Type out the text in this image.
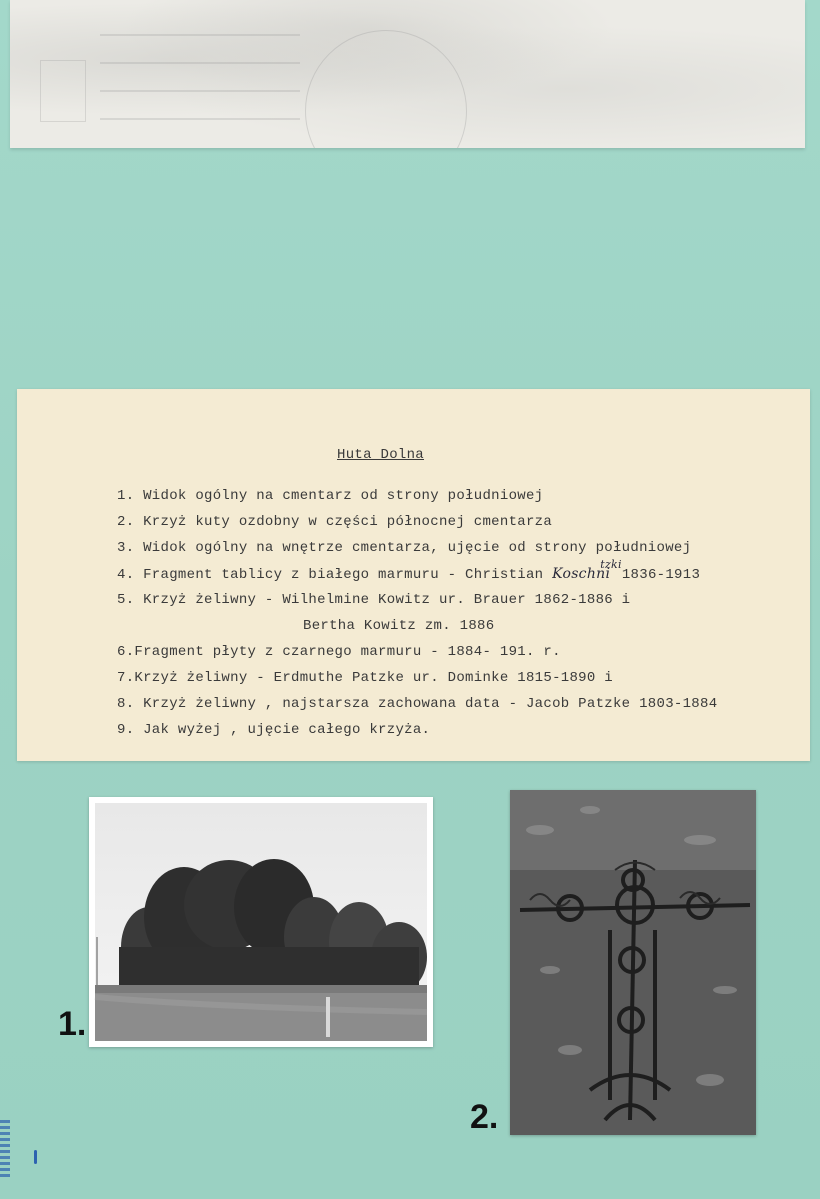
Huta Dolna
1. Widok ogólny na cmentarz od strony południowej
2. Krzyż kuty ozdobny w części północnej cmentarza
3. Widok ogólny na wnętrze cmentarza, ujęcie od strony południowej
4. Fragment tablicy z białego marmuru - Christian Koschni$^{tzki}$1836-1913
5. Krzyż żeliwny - Wilhelmine Kowitz ur. Brauer 1862-1886 i
Bertha Kowitz zm. 1886
6.Fragment płyty z czarnego marmuru - 1884- 191. r.
7.Krzyż żeliwny - Erdmuthe Patzke ur. Dominke 1815-1890 i
8. Krzyż żeliwny , najstarsza zachowana data - Jacob Patzke 1803-1884
9. Jak wyżej , ujęcie całego krzyża.
1.
2.
